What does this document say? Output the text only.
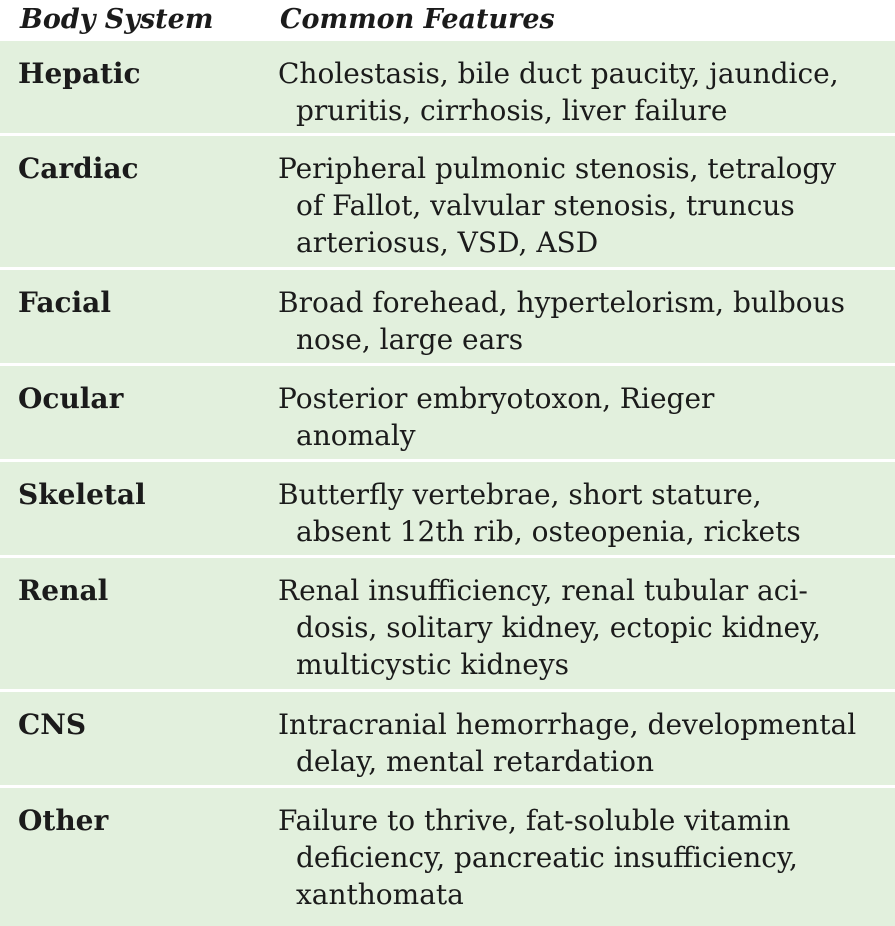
Body System	Common Features
Hepatic	Cholestasis, bile duct paucity, jaundice,
pruritis, cirrhosis, liver failure
Cardiac	Peripheral pulmonic stenosis, tetralogy
of Fallot, valvular stenosis, truncus
arteriosus, VSD, ASD
Facial	Broad forehead, hypertelorism, bulbous
nose, large ears
Ocular	Posterior embryotoxon, Rieger
anomaly
Skeletal	Butterfly vertebrae, short stature,
absent 12th rib, osteopenia, rickets
Renal	Renal insufficiency, renal tubular aci-
dosis, solitary kidney, ectopic kidney,
multicystic kidneys
CNS	Intracranial hemorrhage, developmental
delay, mental retardation
Other	Failure to thrive, fat-soluble vitamin
deficiency, pancreatic insufficiency,
xanthomata
